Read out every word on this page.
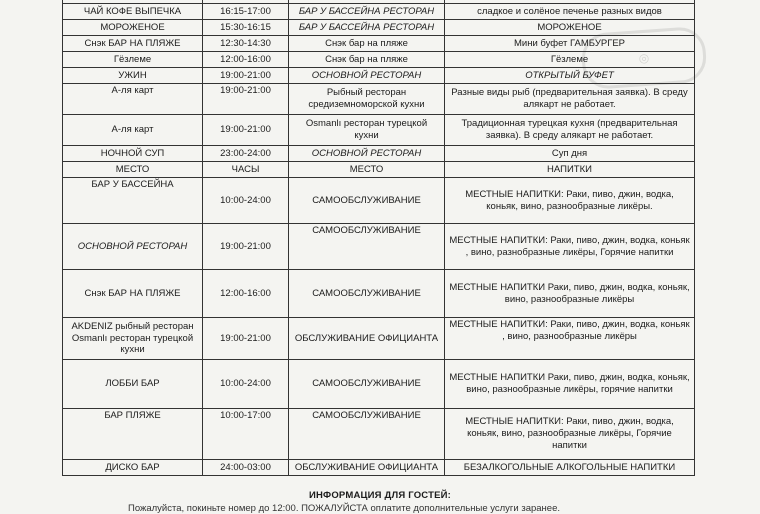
◎

ЧАЙ КОФЕ ВЫПЕЧКА	16:15-17:00	БАР У БАССЕЙНА РЕСТОРАН	сладкое и солёное печенье разных видов
МОРОЖЕНОЕ	15:30-16:15	БАР У БАССЕЙНА РЕСТОРАН	МОРОЖЕНОЕ
Снэк БАР НА ПЛЯЖЕ	12:30-14:30	Снэк бар на пляже	Мини буфет ГАМБУРГЕР
Гёзлеме	12:00-16:00	Снэк бар на пляже	Гёзлеме
УЖИН	19:00-21:00	ОСНОВНОЙ РЕСТОРАН	ОТКРЫТЫЙ БУФЕТ
А-ля карт	19:00-21:00	Рыбный ресторан средиземноморской кухни	Разные виды рыб (предварительная заявка). В среду алякарт не работает.
А-ля карт	19:00-21:00	Osmanlı ресторан турецкой кухни	Традиционная турецкая кухня (предварительная заявка). В среду алякарт не работает.
НОЧНОЙ СУП	23:00-24:00	ОСНОВНОЙ РЕСТОРАН	Суп дня
МЕСТО	ЧАСЫ	МЕСТО	НАПИТКИ
БАР У БАССЕЙНА	10:00-24:00	САМООБСЛУЖИВАНИЕ	МЕСТНЫЕ НАПИТКИ: Раки, пиво, джин, водка, коньяк, вино, разнообразные ликёры.
ОСНОВНОЙ РЕСТОРАН	19:00-21:00	САМООБСЛУЖИВАНИЕ	МЕСТНЫЕ НАПИТКИ: Раки, пиво, джин, водка, коньяк , вино, разнобразные ликёры, Горячие напитки
Снэк БАР НА ПЛЯЖЕ	12:00-16:00	САМООБСЛУЖИВАНИЕ	МЕСТНЫЕ НАПИТКИ Раки, пиво, джин, водка, коньяк, вино, разнообразные ликёры
AKDENIZ рыбный ресторан Osmanlı ресторан турецкой кухни	19:00-21:00	ОБСЛУЖИВАНИЕ ОФИЦИАНТА	МЕСТНЫЕ НАПИТКИ: Раки, пиво, джин, водка, коньяк , вино, разнообразные ликёры
ЛОББИ БАР	10:00-24:00	САМООБСЛУЖИВАНИЕ	МЕСТНЫЕ НАПИТКИ Раки, пиво, джин, водка, коньяк, вино, разнообразные ликёры, горячие напитки
БАР ПЛЯЖЕ	10:00-17:00	САМООБСЛУЖИВАНИЕ	МЕСТНЫЕ НАПИТКИ: Раки, пиво, джин, водка, коньяк, вино, разнообразные ликёры, Горячие напитки
ДИСКО БАР	24:00-03:00	ОБСЛУЖИВАНИЕ ОФИЦИАНТА	БЕЗАЛКОГОЛЬНЫЕ АЛКОГОЛЬНЫЕ НАПИТКИ
ИНФОРМАЦИЯ ДЛЯ ГОСТЕЙ:
Пожалуйста, покиньте номер до 12:00. ПОЖАЛУЙСТА оплатите дополнительные услуги заранее.
